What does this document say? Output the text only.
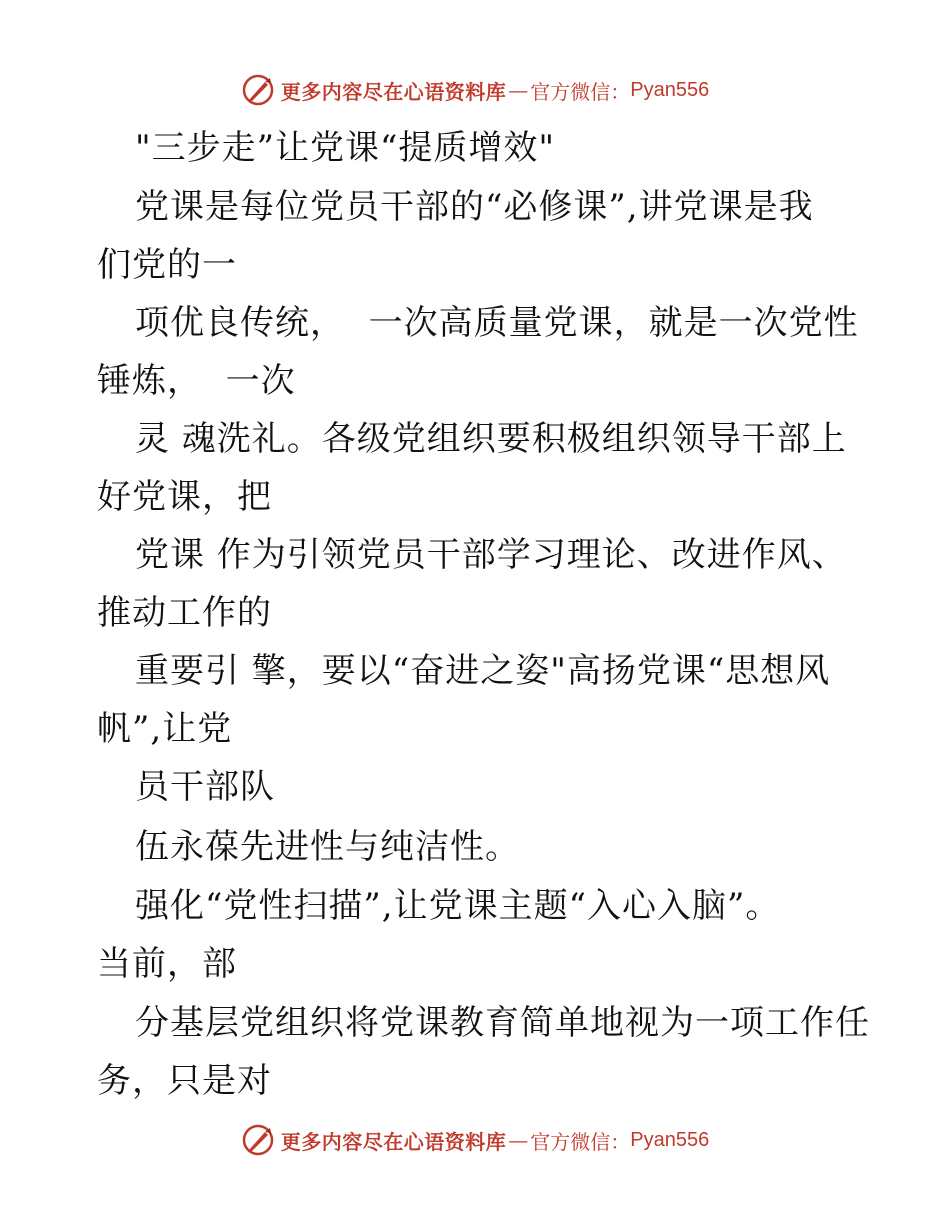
更多内容尽在心语资料库 — 官方微信： Pyan556
"三步走”让党课“提质增效"
党课是每位党员干部的“必修课”,讲党课是我
们党的一
项优良传统，  一次高质量党课，就是一次党性
锤炼，  一次
灵 魂洗礼。各级党组织要积极组织领导干部上
好党课，把
党课 作为引领党员干部学习理论、改进作风、
推动工作的
重要引 擎，要以“奋进之姿"高扬党课“思想风
帆”,让党
员干部队
伍永葆先进性与纯洁性。
强化“党性扫描”,让党课主题“入心入脑”。
当前，部
分基层党组织将党课教育简单地视为一项工作任
务，只是对
更多内容尽在心语资料库 — 官方微信： Pyan556
